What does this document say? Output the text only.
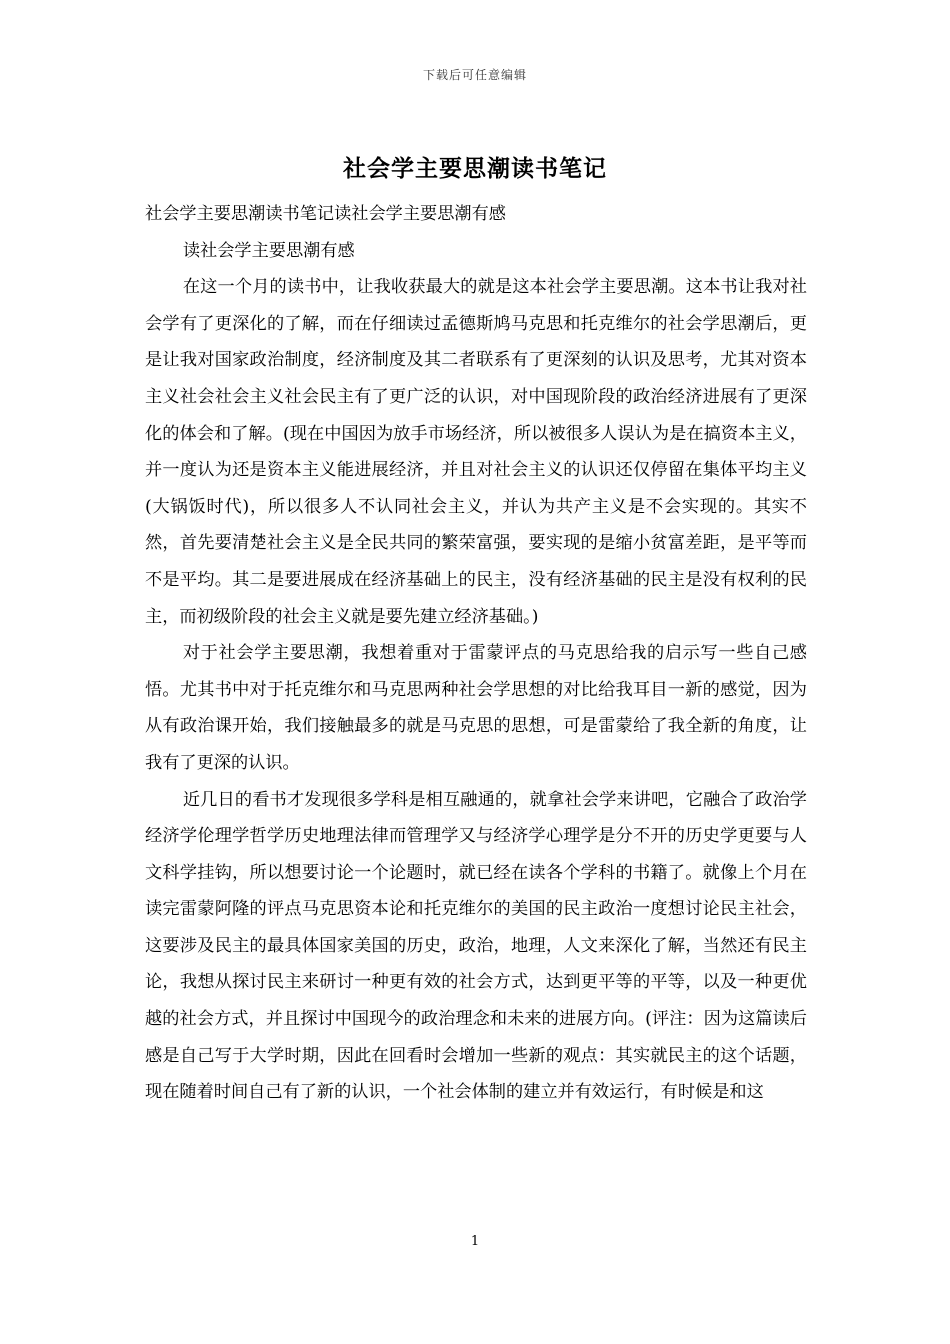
下载后可任意编辑
社会学主要思潮读书笔记

社会学主要思潮读书笔记读社会学主要思潮有感

读社会学主要思潮有感

在这一个月的读书中，让我收获最大的就是这本社会学主要思潮。这本书让我对社会学有了更深化的了解，而在仔细读过孟德斯鸠马克思和托克维尔的社会学思潮后，更是让我对国家政治制度，经济制度及其二者联系有了更深刻的认识及思考，尤其对资本主义社会社会主义社会民主有了更广泛的认识，对中国现阶段的政治经济进展有了更深化的体会和了解。(现在中国因为放手市场经济，所以被很多人误认为是在搞资本主义，并一度认为还是资本主义能进展经济，并且对社会主义的认识还仅停留在集体平均主义(大锅饭时代)，所以很多人不认同社会主义，并认为共产主义是不会实现的。其实不然，首先要清楚社会主义是全民共同的繁荣富强，要实现的是缩小贫富差距，是平等而不是平均。其二是要进展成在经济基础上的民主，没有经济基础的民主是没有权利的民主，而初级阶段的社会主义就是要先建立经济基础。)

对于社会学主要思潮，我想着重对于雷蒙评点的马克思给我的启示写一些自己感悟。尤其书中对于托克维尔和马克思两种社会学思想的对比给我耳目一新的感觉，因为从有政治课开始，我们接触最多的就是马克思的思想，可是雷蒙给了我全新的角度，让我有了更深的认识。

近几日的看书才发现很多学科是相互融通的，就拿社会学来讲吧，它融合了政治学经济学伦理学哲学历史地理法律而管理学又与经济学心理学是分不开的历史学更要与人文科学挂钩，所以想要讨论一个论题时，就已经在读各个学科的书籍了。就像上个月在读完雷蒙阿隆的评点马克思资本论和托克维尔的美国的民主政治一度想讨论民主社会，这要涉及民主的最具体国家美国的历史，政治，地理，人文来深化了解，当然还有民主论，我想从探讨民主来研讨一种更有效的社会方式，达到更平等的平等，以及一种更优越的社会方式，并且探讨中国现今的政治理念和未来的进展方向。(评注：因为这篇读后感是自己写于大学时期，因此在回看时会增加一些新的观点：其实就民主的这个话题，现在随着时间自己有了新的认识，一个社会体制的建立并有效运行，有时候是和这

1
